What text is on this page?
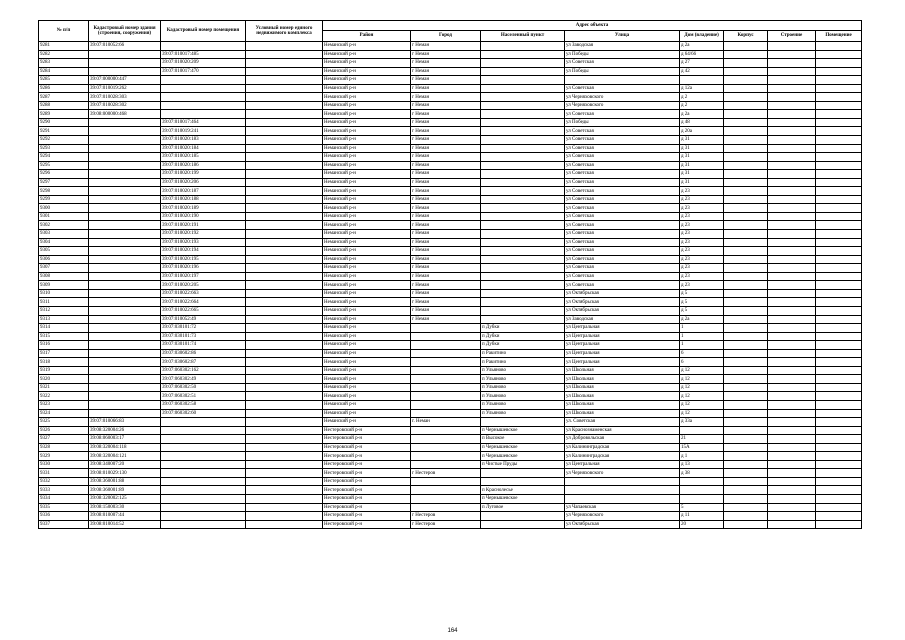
№ п/п	Кадастровый номер здания (строения, сооружения)	Кадастровый номер помещения	Условный номер единого недвижимого комплекса	Адрес объекта							
				Район	Город	Населенный пункт	Улица	Дом (владение)	Корпус	Строение	Помещение
9281	39:07:010052:66			Неманский р-н	г Неман		ул Заводская	д 2а			
9282		39:07:010017:485		Неманский р-н	г Неман		ул Победы	д 64/66			
9283		39:07:010020:209		Неманский р-н	г Неман		ул Советская	д 27			
9284		39:07:010017:470		Неманский р-н	г Неман		ул Победы	д 42			
9285	39:07:000000:447			Неманский р-н	г Неман						
9286	39:07:010019:262			Неманский р-н	г Неман		ул Советская	д 12а			
9287	39:07:010028:303			Неманский р-н	г Неман		ул Черняховского	д 2			
9288	39:07:010028:302			Неманский р-н	г Неман		ул Черняховского	д 2			
9289	39:08:000000:468			Неманский р-н	г Неман		ул Советская	д 2а			
9290		39:07:010017:464		Неманский р-н	г Неман		ул Победы	д 48			
9291		39:07:010019:241		Неманский р-н	г Неман		ул Советская	д 20а			
9292		39:07:010020:183		Неманский р-н	г Неман		ул Советская	д 31			
9293		39:07:010020:184		Неманский р-н	г Неман		ул Советская	д 31			
9294		39:07:010020:185		Неманский р-н	г Неман		ул Советская	д 31			
9295		39:07:010020:186		Неманский р-н	г Неман		ул Советская	д 31			
9296		39:07:010020:199		Неманский р-н	г Неман		ул Советская	д 31			
9297		39:07:010020:206		Неманский р-н	г Неман		ул Советская	д 31			
9298		39:07:010020:187		Неманский р-н	г Неман		ул Советская	д 23			
9299		39:07:010020:188		Неманский р-н	г Неман		ул Советская	д 23			
9300		39:07:010020:189		Неманский р-н	г Неман		ул Советская	д 23			
9301		39:07:010020:190		Неманский р-н	г Неман		ул Советская	д 23			
9302		39:07:010020:191		Неманский р-н	г Неман		ул Советская	д 23			
9303		39:07:010020:192		Неманский р-н	г Неман		ул Советская	д 23			
9304		39:07:010020:193		Неманский р-н	г Неман		ул Советская	д 23			
9305		39:07:010020:194		Неманский р-н	г Неман		ул Советская	д 23			
9306		39:07:010020:195		Неманский р-н	г Неман		ул Советская	д 23			
9307		39:07:010020:196		Неманский р-н	г Неман		ул Советская	д 23			
9308		39:07:010020:197		Неманский р-н	г Неман		ул Советская	д 23			
9309		39:07:010020:205		Неманский р-н	г Неман		ул Советская	д 23			
9310		39:07:010022:663		Неманский р-н	г Неман		ул Октябрьская	д 5			
9311		39:07:010022:664		Неманский р-н	г Неман		ул Октябрьская	д 5			
9312		39:07:010022:665		Неманский р-н	г Неман		ул Октябрьская	д 5			
9313		39:07:010052:49		Неманский р-н	г Неман		ул Заводская	д 2а			
9314		39:07:030101:72		Неманский р-н		п Дубки	ул Центральная	1			
9315		39:07:030101:73		Неманский р-н		п Дубки	ул Центральная	1			
9316		39:07:030101:74		Неманский р-н		п Дубки	ул Центральная	1			
9317		39:07:030602:86		Неманский р-н		п Ракитино	ул Центральная	6			
9318		39:07:030602:87		Неманский р-н		п Ракитино	ул Центральная	6			
9319		39:07:060302:162		Неманский р-н		п Ульяново	ул Школьная	д 12			
9320		39:07:060302:49		Неманский р-н		п Ульяново	ул Школьная	д 12			
9321		39:07:060302:50		Неманский р-н		п Ульяново	ул Школьная	д 12			
9322		39:07:060302:51		Неманский р-н		п Ульяново	ул Школьная	д 12			
9323		39:07:060302:58		Неманский р-н		п Ульяново	ул Школьная	д 12			
9324		39:07:060302:60		Неманский р-н		п Ульяново	ул Школьная	д 12			
9325	39:07:010066:83			Неманский р-н	г. Неман		ул. Советская	д 33а			
9326	39:08:320004:26			Нестеровский р-н		п Чернышевское	ул Краснознаменская				
9327	39:08:060003:17			Нестеровский р-н		п Высокое	ул Добровольская	21			
9328	39:08:320004:118			Нестеровский р-н		п Чернышевское	ул Калининградская	15А			
9329	39:08:320004:121			Нестеровский р-н		п Чернышевское	ул Калининградская	д 1			
9330	39:08:340007:20			Нестеровский р-н		п Чистые Пруды	ул Центральная	д 13			
9331	39:08:010029:130			Нестеровский р-н	г Нестеров		ул Черняховского	д 38			
9332	39:08:360001:88			Нестеровский р-н							
9333	39:08:360001:89			Нестеровский р-н		п Краснолесье					
9334	39:08:320002:125			Нестеровский р-н		п Чернышевское					
9335	39:08:150003:30			Нестеровский р-н		п Луговое	ул Чапаевская	5			
9336	39:08:010007:44			Нестеровский р-н	г Нестеров		ул Черняховского	д 11			
9337	39:08:010014:52			Нестеровский р-н	г Нестеров		ул Октябрьская	20			
164
